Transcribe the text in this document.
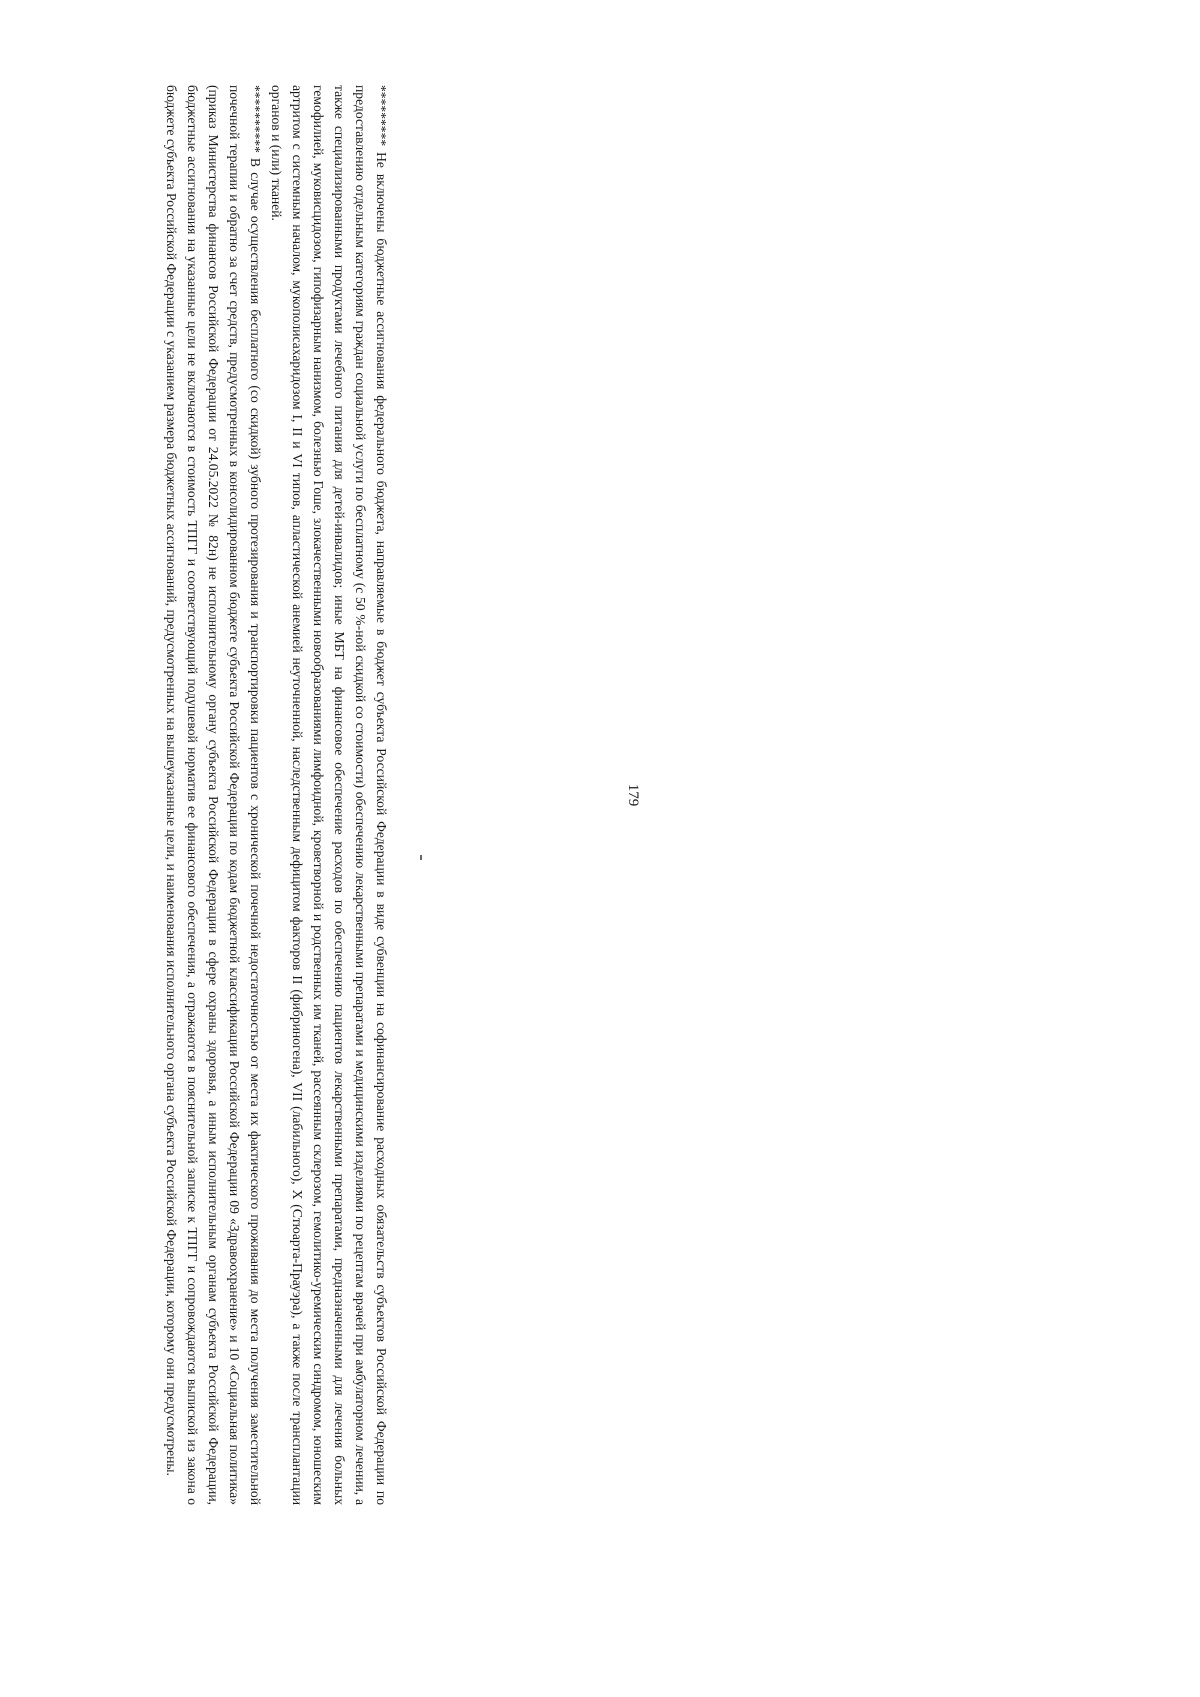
179

********* Не включены бюджетные ассигнования федерального бюджета, направляемые в бюджет субъекта Российской Федерации в виде субвенции на софинансирование расходных обязательств субъектов Российской Федерации по предоставлению отдельным категориям граждан социальной услуги по бесплатному (с 50 %-ной скидкой со стоимости) обеспечению лекарственными препаратами и медицинскими изделиями по рецептам врачей при амбулаторном лечении, а также специализированными продуктами лечебного питания для детей-инвалидов; иные МБТ на финансовое обеспечение расходов по обеспечению пациентов лекарственными препаратами, предназначенными для лечения больных гемофилией, муковисцидозом, гипофизарным нанизмом, болезнью Гоше, злокачественными новообразованиями лимфоидной, кроветворной и родственных им тканей, рассеянным склерозом, гемолитико-уремическим синдромом, юношеским артритом с системным началом, мукополисахаридозом I, II и VI типов, апластической анемией неуточненной, наследственным дефицитом факторов II (фибриногена), VII (лабильного), X (Стюарта-Прауэра), а также после трансплантации органов и (или) тканей.

********** В случае осуществления бесплатного (со скидкой) зубного протезирования и транспортировки пациентов с хронической почечной недостаточностью от места их фактического проживания до места получения заместительной почечной терапии и обратно за счет средств, предусмотренных в консолидированном бюджете субъекта Российской Федерации по кодам бюджетной классификации Российской Федерации 09 «Здравоохранение» и 10 «Социальная политика» (приказ Министерства финансов Российской Федерации от 24.05.2022 № 82н) не исполнительному органу субъекта Российской Федерации в сфере охраны здоровья, а иным исполнительным органам субъекта Российской Федерации, бюджетные ассигнования на указанные цели не включаются в стоимость ТПГГ и соответствующий подушевой норматив ее финансового обеспечения, а отражаются в пояснительной записке к ТПГГ и сопровождаются выпиской из закона о бюджете субъекта Российской Федерации с указанием размера бюджетных ассигнований, предусмотренных на вышеуказанные цели, и наименования исполнительного органа субъекта Российской Федерации, которому они предусмотрены.
